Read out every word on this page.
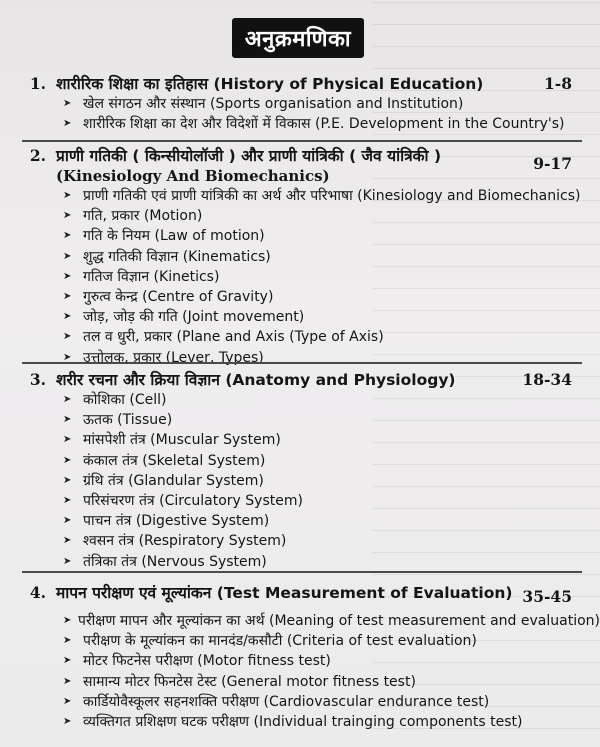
अनुक्रमणिका
1. शारीरिक शिक्षा का इतिहास (History of Physical Education)	1-8
➤ खेल संगठन और संस्थान (Sports organisation and Institution)
➤ शारीरिक शिक्षा का देश और विदेशों में विकास (P.E. Development in the Country's)
2. प्राणी गतिकी ( किन्सीयोलॉजी ) और प्राणी यांत्रिकी ( जैव यांत्रिकी )	9-17
(Kinesiology And Biomechanics)
➤ प्राणी गतिकी एवं प्राणी यांत्रिकी का अर्थ और परिभाषा (Kinesiology and Biomechanics)
➤ गति, प्रकार (Motion)
➤ गति के नियम (Law of motion)
➤ शुद्ध गतिकी विज्ञान (Kinematics)
➤ गतिज विज्ञान (Kinetics)
➤ गुरुत्व केन्द्र (Centre of Gravity)
➤ जोड़, जोड़ की गति (Joint movement)
➤ तल व धुरी, प्रकार (Plane and Axis (Type of Axis)
➤ उत्तोलक, प्रकार (Lever, Types)
3. शरीर रचना और क्रिया विज्ञान (Anatomy and Physiology)	18-34
➤ कोशिका (Cell)
➤ ऊतक (Tissue)
➤ मांसपेशी तंत्र (Muscular System)
➤ कंकाल तंत्र (Skeletal System)
➤ ग्रंथि तंत्र (Glandular System)
➤ परिसंचरण तंत्र (Circulatory System)
➤ पाचन तंत्र (Digestive System)
➤ श्वसन तंत्र (Respiratory System)
➤ तंत्रिका तंत्र (Nervous System)
4. मापन परीक्षण एवं मूल्यांकन (Test Measurement of Evaluation) 35-45
➤ परीक्षण मापन और मूल्यांकन का अर्थ (Meaning of test measurement and evaluation)
➤ परीक्षण के मूल्यांकन का मानदंड/कसौटी (Criteria of test evaluation)
➤ मोटर फिटनेस परीक्षण (Motor fitness test)
➤ सामान्य मोटर फिनटेस टेस्ट (General motor fitness test)
➤ कार्डियोवैस्कूलर सहनशक्ति परीक्षण (Cardiovascular endurance test)
➤ व्यक्तिगत प्रशिक्षण घटक परीक्षण (Individual trainging components test)
